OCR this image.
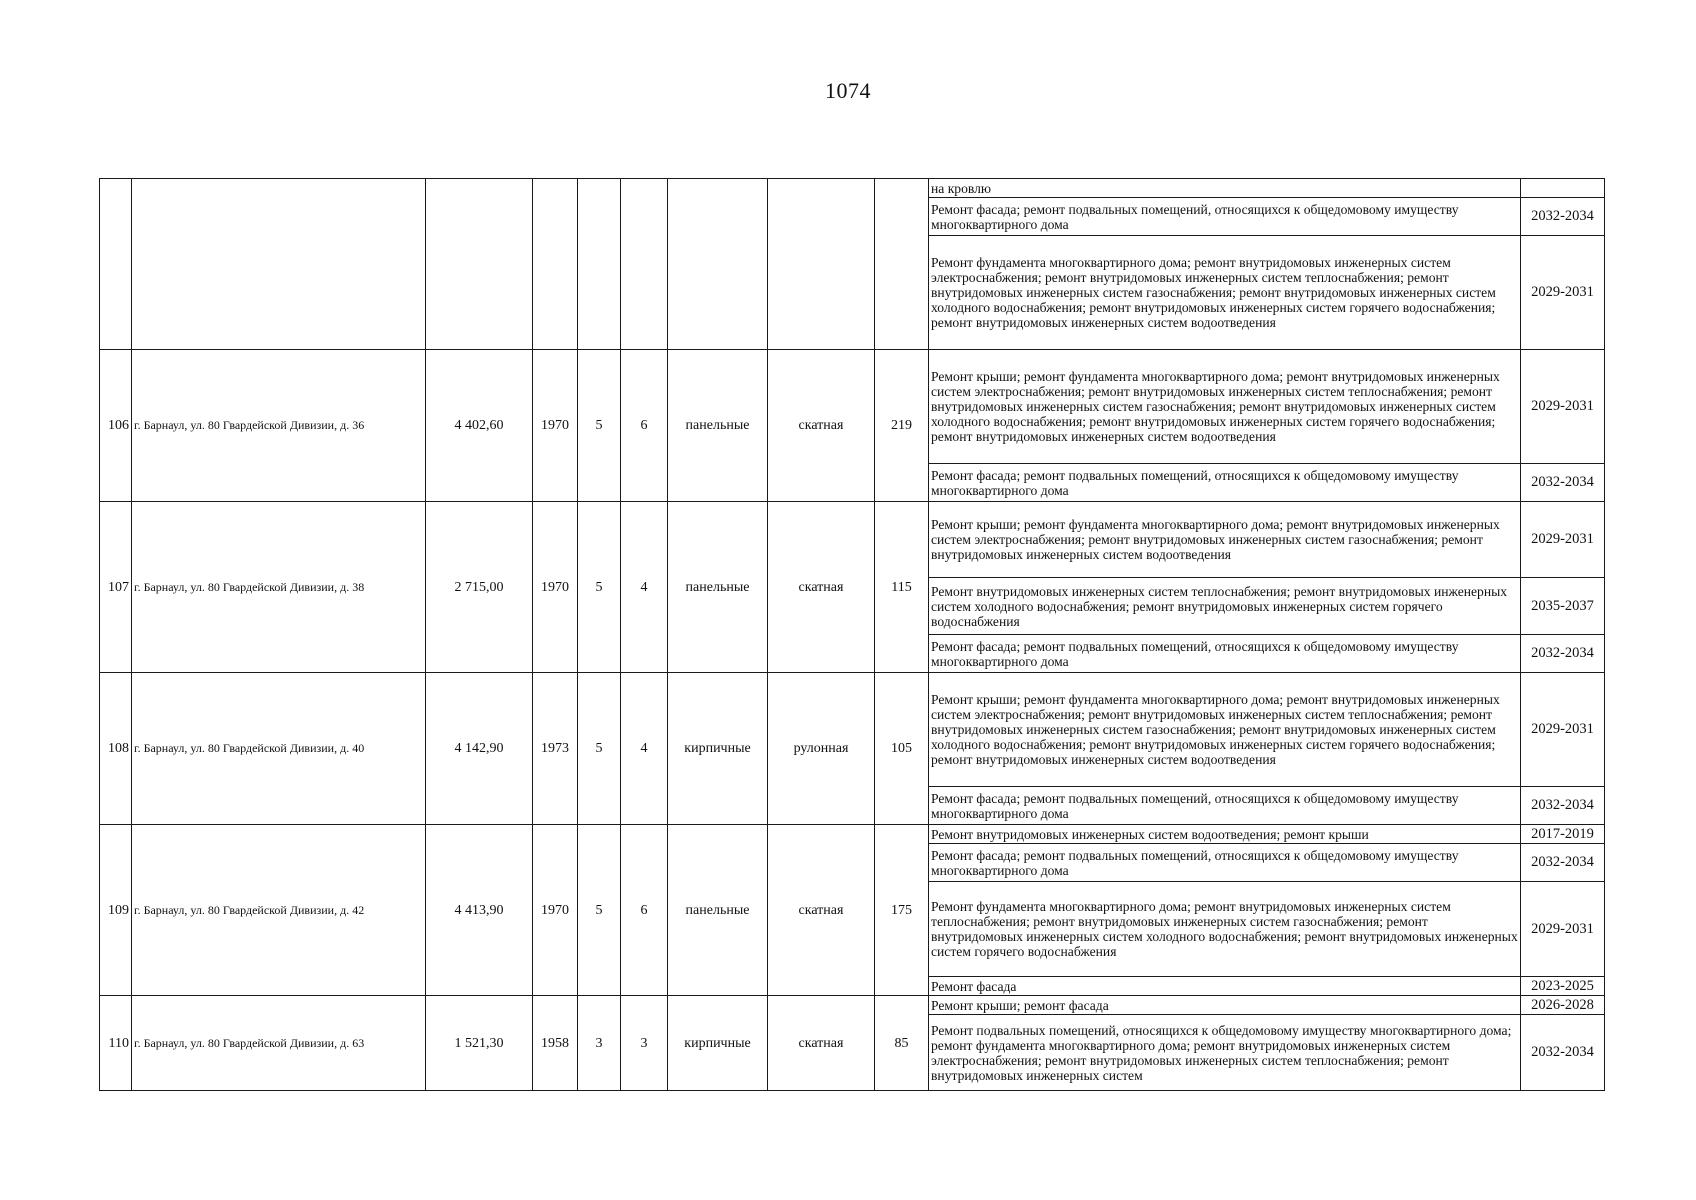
1074
									на кровлю	
									Ремонт фасада; ремонт подвальных помещений, относящихся к общедомовому имуществу многоквартирного дома	2032-2034
									Ремонт фундамента многоквартирного дома; ремонт внутридомовых инженерных систем электроснабжения; ремонт внутридомовых инженерных систем теплоснабжения; ремонт внутридомовых инженерных систем газоснабжения; ремонт внутридомовых инженерных систем холодного водоснабжения; ремонт внутридомовых инженерных систем горячего водоснабжения; ремонт внутридомовых инженерных систем водоотведения	2029-2031
106	г. Барнаул, ул. 80 Гвардейской Дивизии, д. 36	4 402,60	1970	5	6	панельные	скатная	219	Ремонт крыши; ремонт фундамента многоквартирного дома; ремонт внутридомовых инженерных систем электроснабжения; ремонт внутридомовых инженерных систем теплоснабжения; ремонт внутридомовых инженерных систем газоснабжения; ремонт внутридомовых инженерных систем холодного водоснабжения; ремонт внутридомовых инженерных систем горячего водоснабжения; ремонт внутридомовых инженерных систем водоотведения	2029-2031
									Ремонт фасада; ремонт подвальных помещений, относящихся к общедомовому имуществу многоквартирного дома	2032-2034
107	г. Барнаул, ул. 80 Гвардейской Дивизии, д. 38	2 715,00	1970	5	4	панельные	скатная	115	Ремонт крыши; ремонт фундамента многоквартирного дома; ремонт внутридомовых инженерных систем электроснабжения; ремонт внутридомовых инженерных систем газоснабжения; ремонт внутридомовых инженерных систем водоотведения	2029-2031
									Ремонт внутридомовых инженерных систем теплоснабжения; ремонт внутридомовых инженерных систем холодного водоснабжения; ремонт внутридомовых инженерных систем горячего водоснабжения	2035-2037
									Ремонт фасада; ремонт подвальных помещений, относящихся к общедомовому имуществу многоквартирного дома	2032-2034
108	г. Барнаул, ул. 80 Гвардейской Дивизии, д. 40	4 142,90	1973	5	4	кирпичные	рулонная	105	Ремонт крыши; ремонт фундамента многоквартирного дома; ремонт внутридомовых инженерных систем электроснабжения; ремонт внутридомовых инженерных систем теплоснабжения; ремонт внутридомовых инженерных систем газоснабжения; ремонт внутридомовых инженерных систем холодного водоснабжения; ремонт внутридомовых инженерных систем горячего водоснабжения; ремонт внутридомовых инженерных систем водоотведения	2029-2031
									Ремонт фасада; ремонт подвальных помещений, относящихся к общедомовому имуществу многоквартирного дома	2032-2034
109	г. Барнаул, ул. 80 Гвардейской Дивизии, д. 42	4 413,90	1970	5	6	панельные	скатная	175	Ремонт внутридомовых инженерных систем водоотведения; ремонт крыши	2017-2019
									Ремонт фасада; ремонт подвальных помещений, относящихся к общедомовому имуществу многоквартирного дома	2032-2034
									Ремонт фундамента многоквартирного дома; ремонт внутридомовых инженерных систем теплоснабжения; ремонт внутридомовых инженерных систем газоснабжения; ремонт внутридомовых инженерных систем холодного водоснабжения; ремонт внутридомовых инженерных систем горячего водоснабжения	2029-2031
									Ремонт фасада	2023-2025
110	г. Барнаул, ул. 80 Гвардейской Дивизии, д. 63	1 521,30	1958	3	3	кирпичные	скатная	85	Ремонт крыши; ремонт фасада	2026-2028
									Ремонт подвальных помещений, относящихся к общедомовому имуществу многоквартирного дома; ремонт фундамента многоквартирного дома; ремонт внутридомовых инженерных систем электроснабжения; ремонт внутридомовых инженерных систем теплоснабжения; ремонт внутридомовых инженерных систем	2032-2034
